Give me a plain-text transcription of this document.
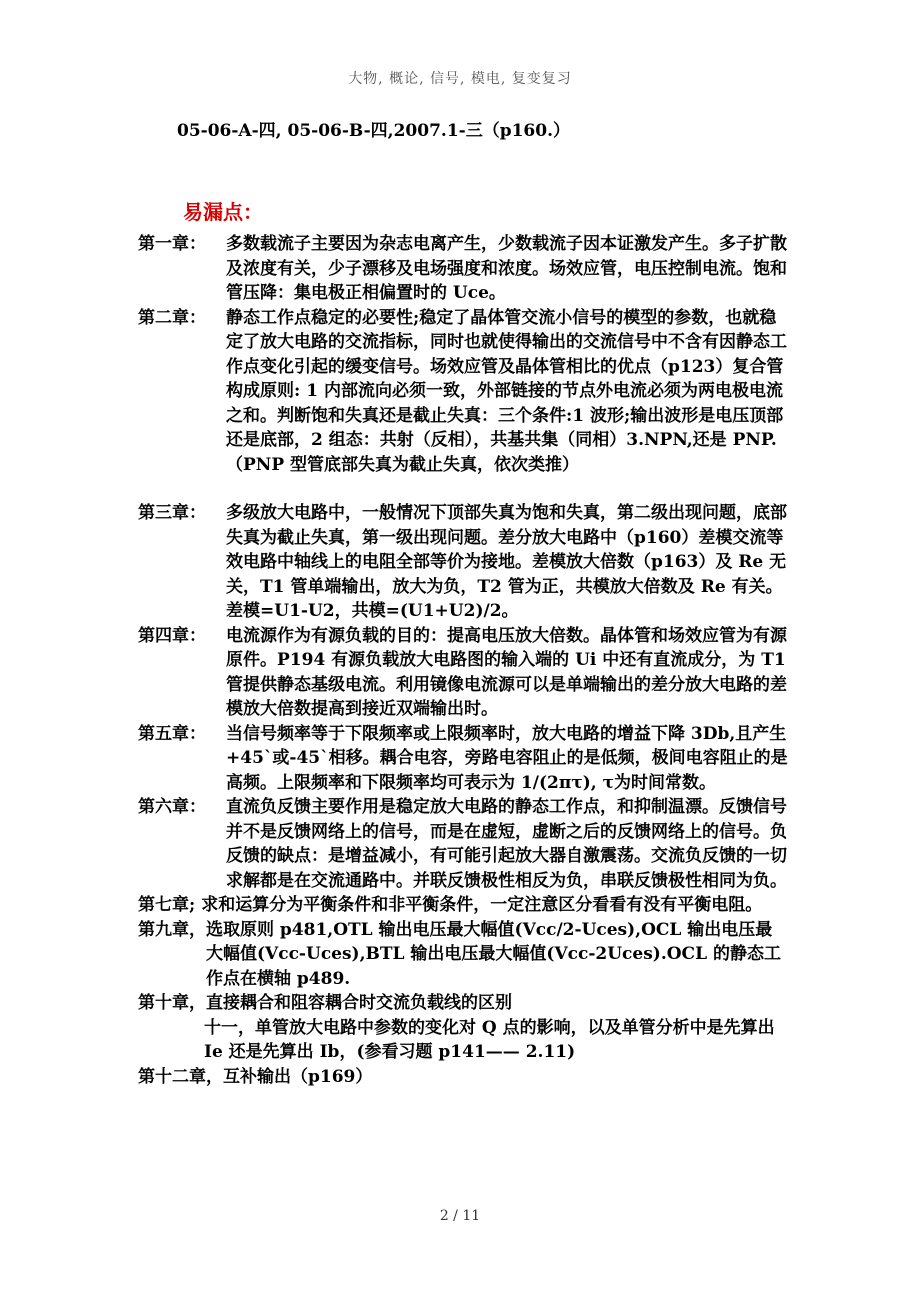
大物, 概论, 信号, 模电, 复变复习
05-06-A-四, 05-06-B-四,2007.1-三（p160.）
易漏点：
第一章：	多数载流子主要因为杂志电离产生，少数载流子因本证激发产生。多子扩散及浓度有关，少子漂移及电场强度和浓度。场效应管，电压控制电流。饱和管压降：集电极正相偏置时的 Uce。
第二章：	静态工作点稳定的必要性;稳定了晶体管交流小信号的模型的参数，也就稳定了放大电路的交流指标，同时也就使得输出的交流信号中不含有因静态工作点变化引起的缓变信号。场效应管及晶体管相比的优点（p123）复合管构成原则: 1 内部流向必须一致，外部链接的节点外电流必须为两电极电流之和。判断饱和失真还是截止失真：三个条件:1 波形;输出波形是电压顶部还是底部，2 组态：共射（反相），共基共集（同相）3.NPN,还是 PNP.（PNP 型管底部失真为截止失真，依次类推）
第三章：	多级放大电路中，一般情况下顶部失真为饱和失真，第二级出现问题，底部失真为截止失真，第一级出现问题。差分放大电路中（p160）差模交流等效电路中轴线上的电阻全部等价为接地。差模放大倍数（p163）及 Re 无关，T1 管单端输出，放大为负，T2 管为正，共模放大倍数及 Re 有关。差模=U1-U2，共模=(U1+U2)/2。
第四章：	电流源作为有源负载的目的：提高电压放大倍数。晶体管和场效应管为有源原件。P194 有源负载放大电路图的输入端的 Ui 中还有直流成分，为 T1 管提供静态基级电流。利用镜像电流源可以是单端输出的差分放大电路的差模放大倍数提高到接近双端输出时。
第五章：	当信号频率等于下限频率或上限频率时，放大电路的增益下降 3Db,且产生+45`或-45`相移。耦合电容，旁路电容阻止的是低频，极间电容阻止的是高频。上限频率和下限频率均可表示为 1/(2πτ), τ为时间常数。
第六章：	直流负反馈主要作用是稳定放大电路的静态工作点，和抑制温漂。反馈信号并不是反馈网络上的信号，而是在虚短，虚断之后的反馈网络上的信号。负反馈的缺点：是增益减小，有可能引起放大器自激震荡。交流负反馈的一切求解都是在交流通路中。并联反馈极性相反为负，串联反馈极性相同为负。
第七章; 求和运算分为平衡条件和非平衡条件，一定注意区分看看有没有平衡电阻。
第九章， 选取原则 p481,OTL 输出电压最大幅值(Vcc/2-Uces),OCL 输出电压最大幅值(Vcc-Uces),BTL 输出电压最大幅值(Vcc-2Uces).OCL 的静态工作点在横轴 p489.
第十章，直接耦合和阻容耦合时交流负载线的区别
十一，单管放大电路中参数的变化对 Q 点的影响，以及单管分析中是先算出 Ie 还是先算出 Ib，(参看习题 p141—— 2.11)
第十二章，互补输出（p169）
2 / 11
